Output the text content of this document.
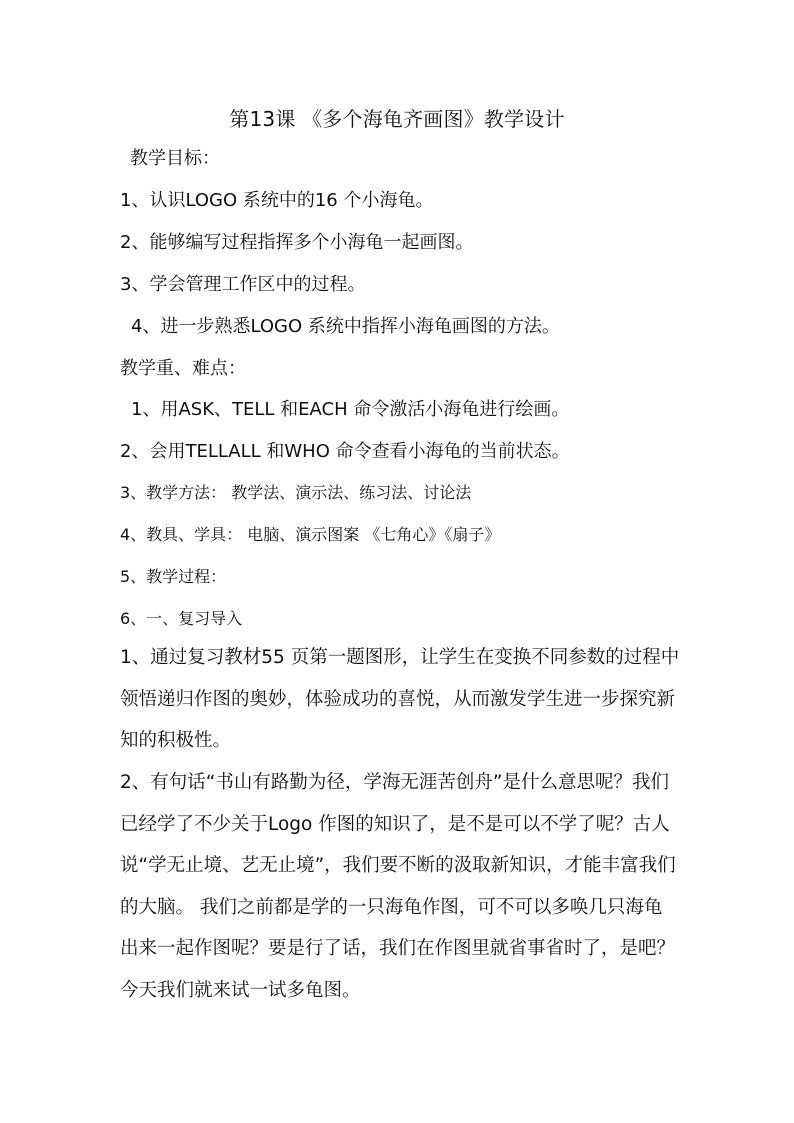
第13课 《多个海龟齐画图》教学设计
教学目标：
1、认识LOGO 系统中的16 个小海龟。
2、能够编写过程指挥多个小海龟一起画图。
3、学会管理工作区中的过程。
4、进一步熟悉LOGO 系统中指挥小海龟画图的方法。
教学重、难点：
1、用ASK、TELL 和EACH 命令激活小海龟进行绘画。
2、会用TELLALL 和WHO 命令查看小海龟的当前状态。
3、教学方法： 教学法、演示法、练习法、讨论法
4、教具、学具： 电脑、演示图案 《七角心》《扇子》
5、教学过程：
6、一、复习导入
1、通过复习教材55 页第一题图形，让学生在变换不同参数的过程中领悟递归作图的奥妙，体验成功的喜悦，从而激发学生进一步探究新知的积极性。
2、有句话“书山有路勤为径，学海无涯苦创舟”是什么意思呢？我们已经学了不少关于Logo 作图的知识了，是不是可以不学了呢？古人说“学无止境、艺无止境”，我们要不断的汲取新知识，才能丰富我们的大脑。 我们之前都是学的一只海龟作图，可不可以多唤几只海龟出来一起作图呢？要是行了话，我们在作图里就省事省时了，是吧？今天我们就来试一试多龟图。
